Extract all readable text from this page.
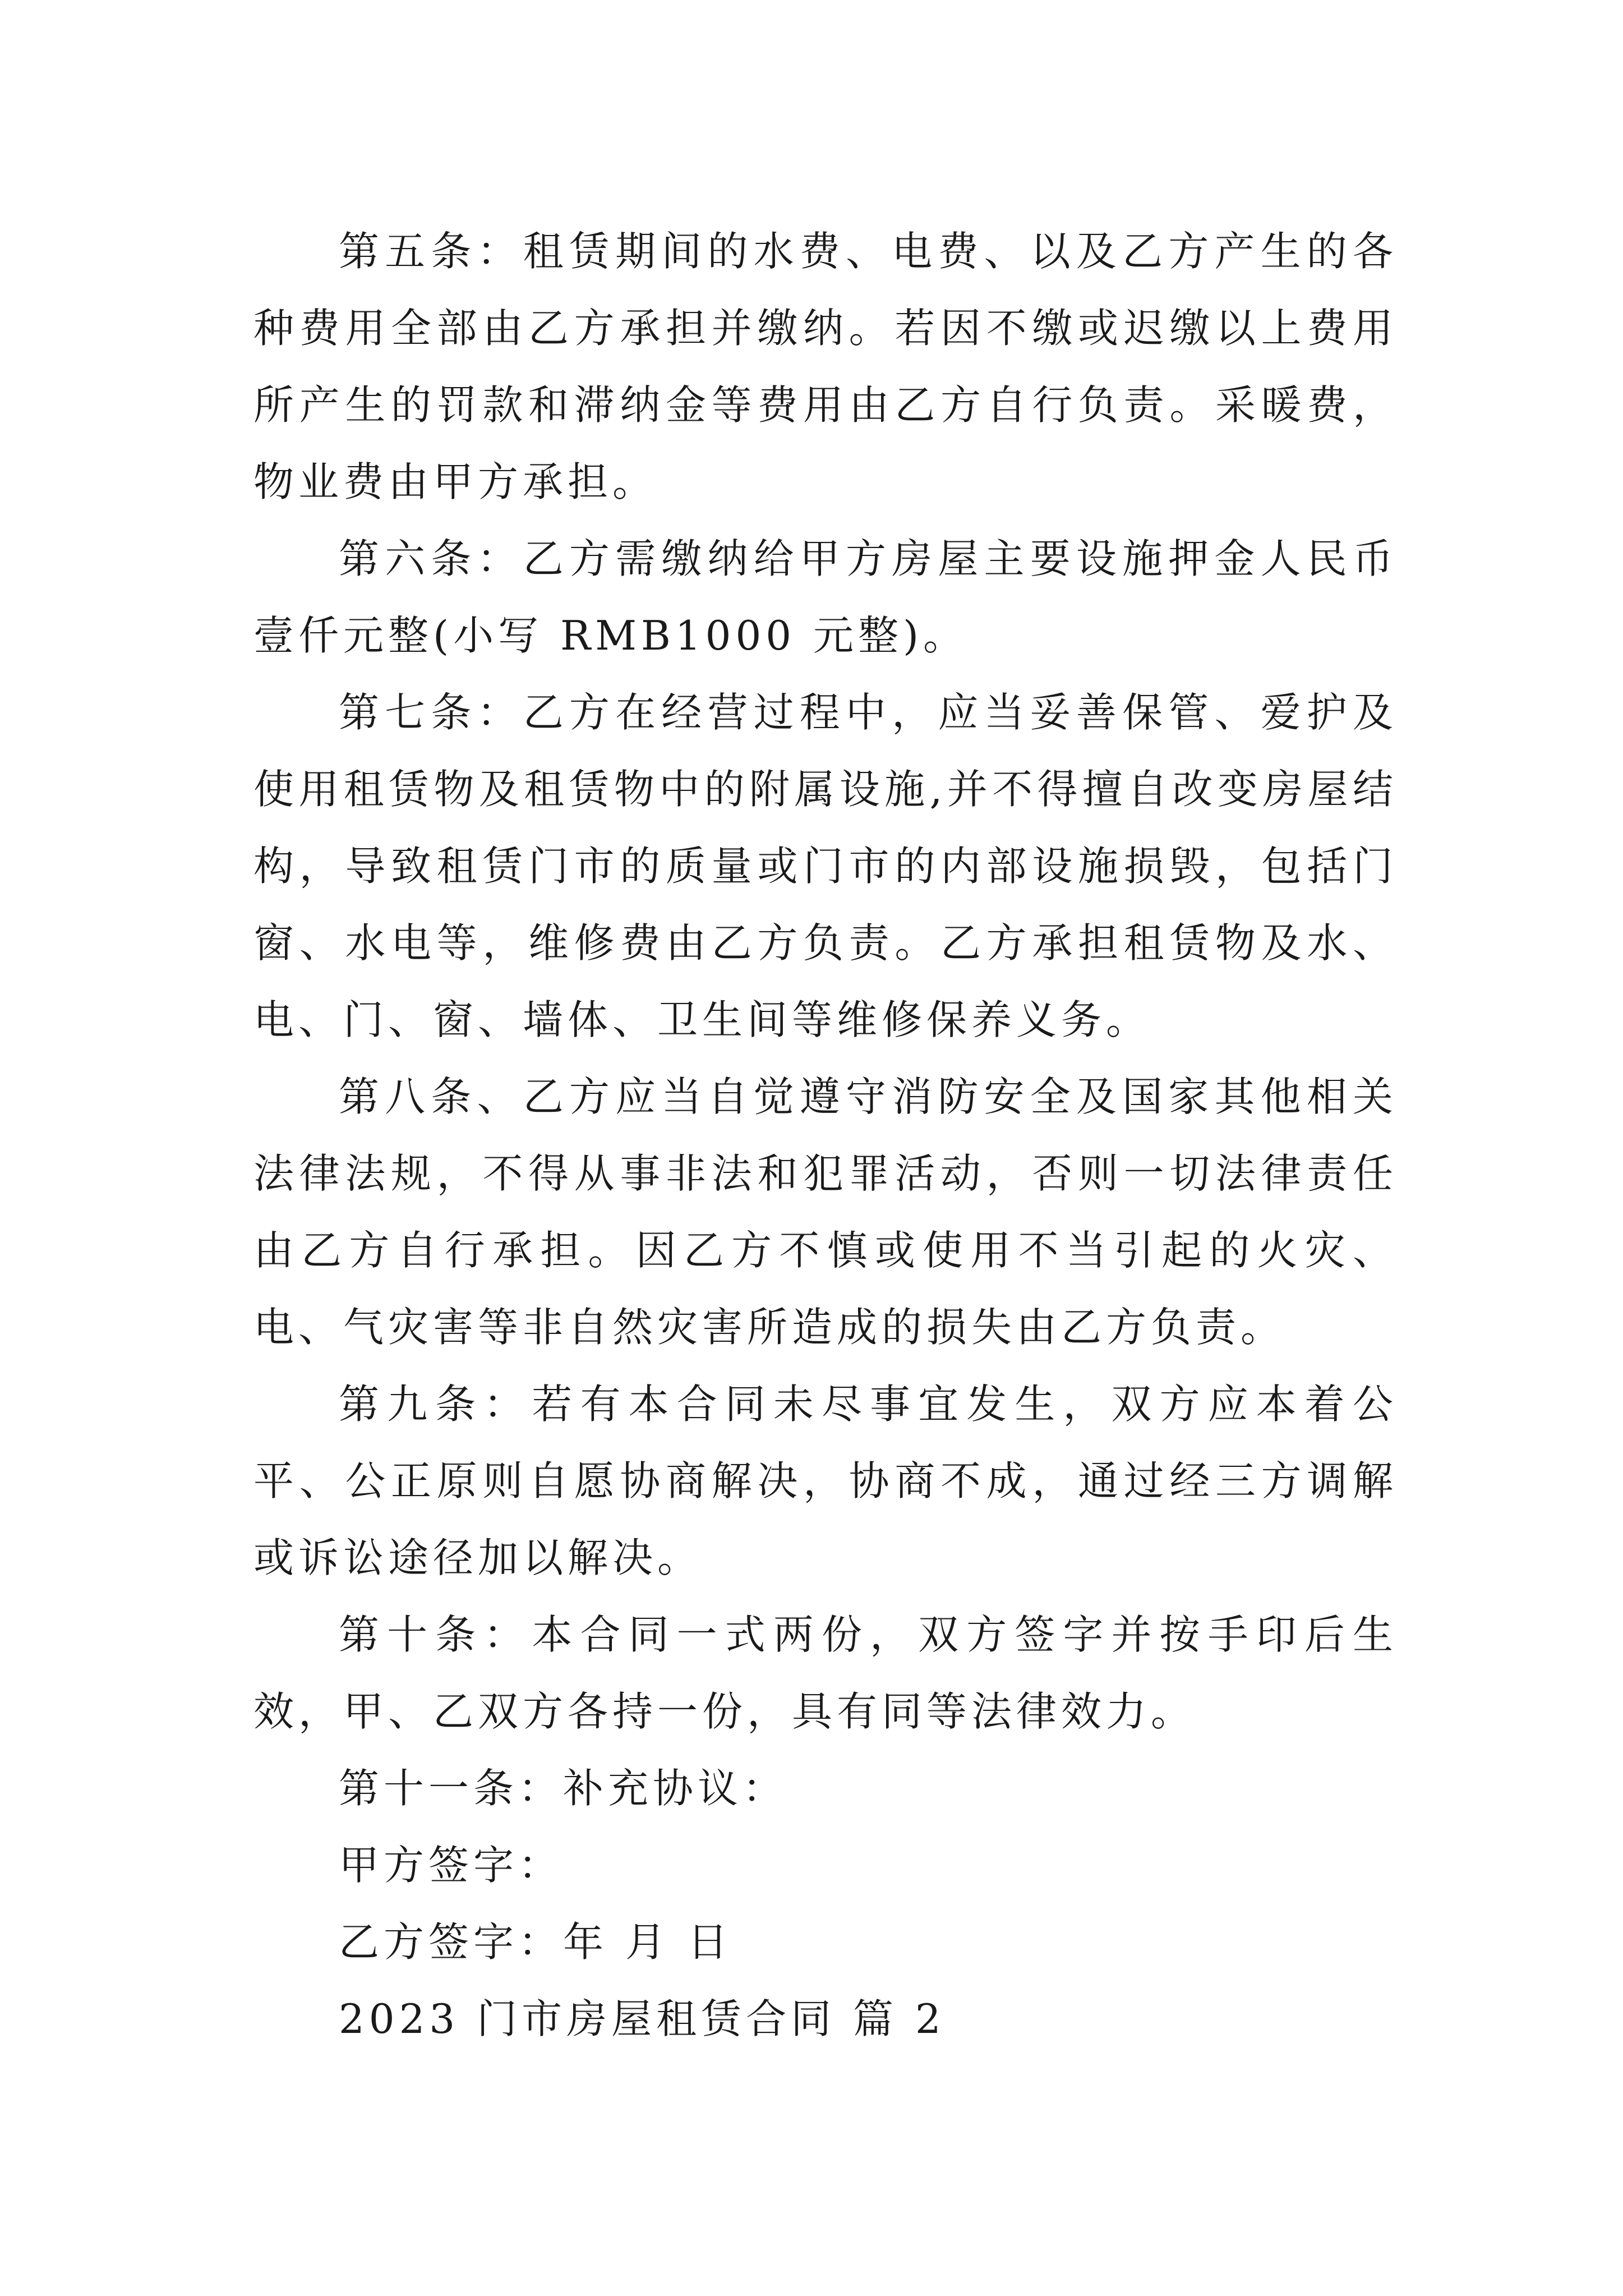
第五条：租赁期间的水费、电费、以及乙方产生的各种费用全部由乙方承担并缴纳。若因不缴或迟缴以上费用所产生的罚款和滞纳金等费用由乙方自行负责。采暖费，物业费由甲方承担。

第六条：乙方需缴纳给甲方房屋主要设施押金人民币壹仟元整(小写 RMB1000 元整)。

第七条：乙方在经营过程中，应当妥善保管、爱护及使用租赁物及租赁物中的附属设施,并不得擅自改变房屋结构，导致租赁门市的质量或门市的内部设施损毁，包括门窗、水电等，维修费由乙方负责。乙方承担租赁物及水、电、门、窗、墙体、卫生间等维修保养义务。

第八条、乙方应当自觉遵守消防安全及国家其他相关法律法规，不得从事非法和犯罪活动，否则一切法律责任由乙方自行承担。因乙方不慎或使用不当引起的火灾、电、气灾害等非自然灾害所造成的损失由乙方负责。

第九条：若有本合同未尽事宜发生，双方应本着公平、公正原则自愿协商解决，协商不成，通过经三方调解或诉讼途径加以解决。

第十条：本合同一式两份，双方签字并按手印后生效，甲、乙双方各持一份，具有同等法律效力。

第十一条：补充协议：

甲方签字：

乙方签字：年 月 日

2023 门市房屋租赁合同 篇 2
